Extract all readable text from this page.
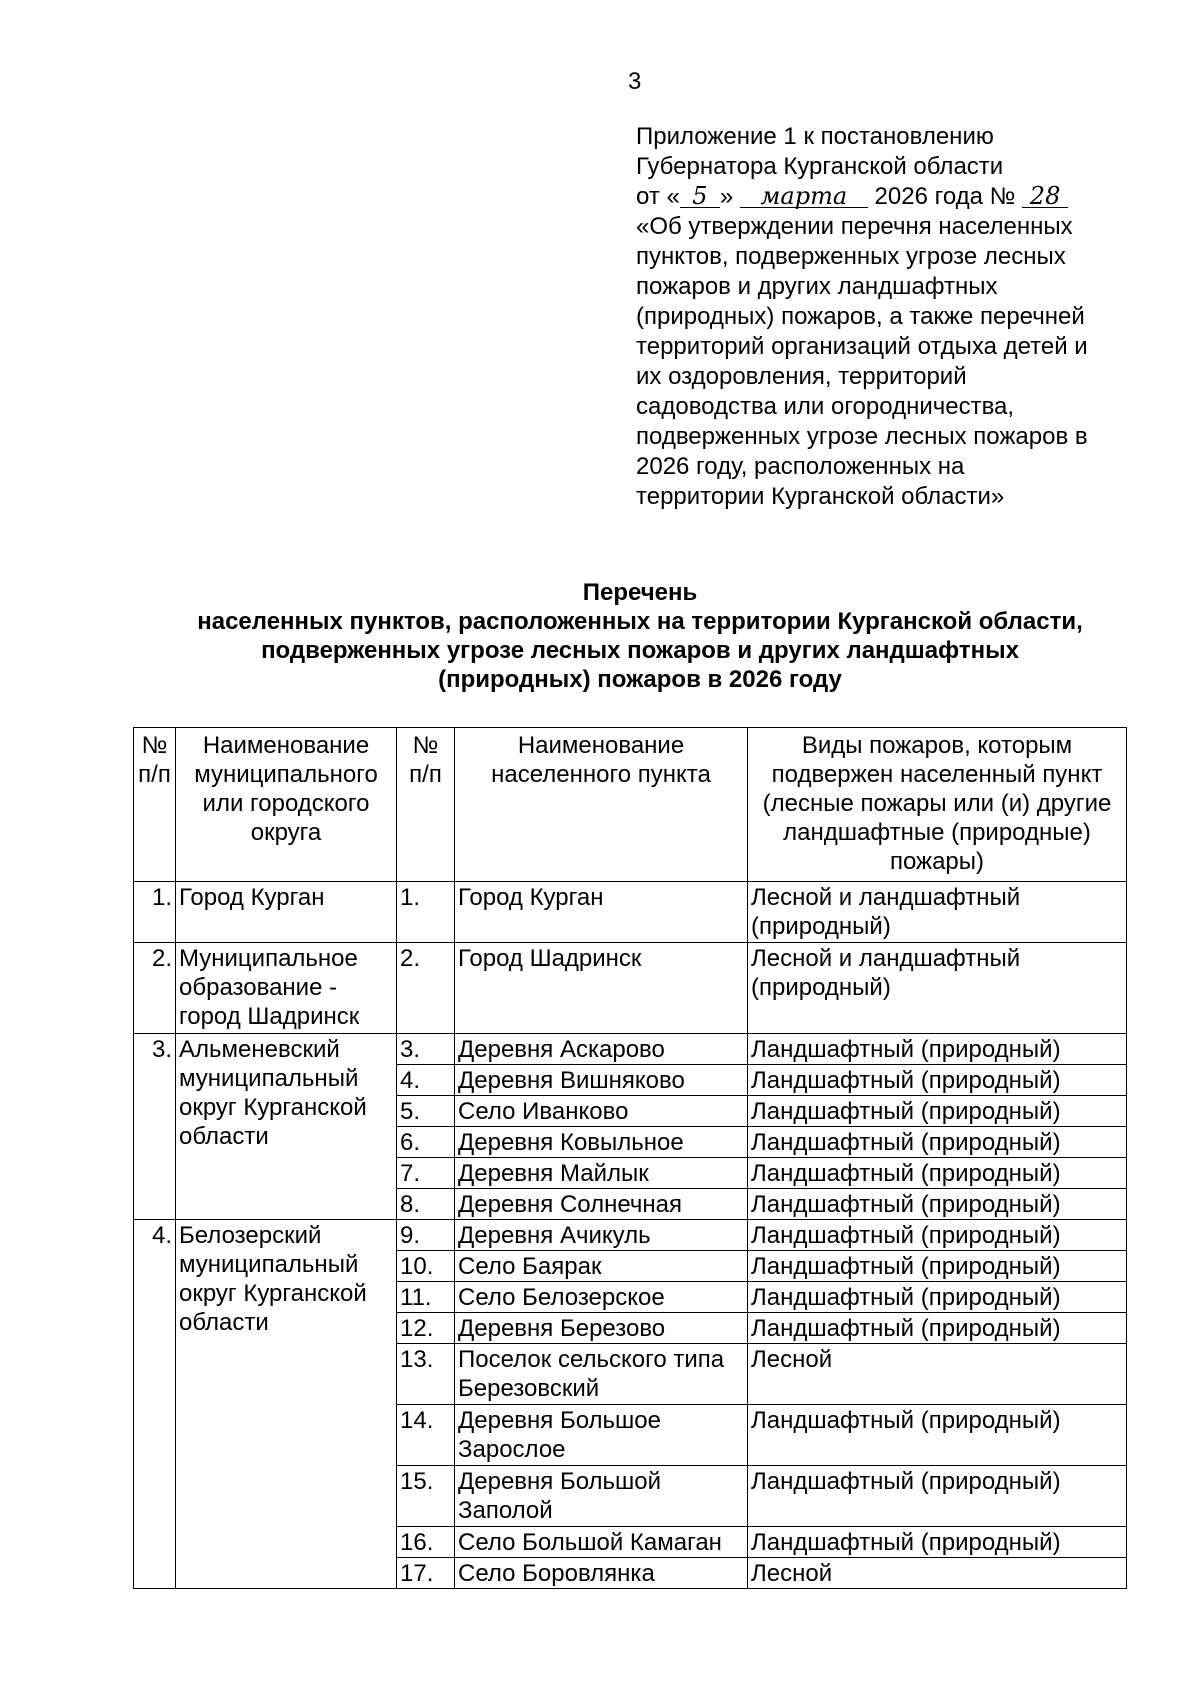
3
Приложение 1 к постановлению
Губернатора Курганской области
от « 5 » марта 2026 года № 28
«Об утверждении перечня населенных
пунктов, подверженных угрозе лесных
пожаров и других ландшафтных
(природных) пожаров, а также перечней
территорий организаций отдыха детей и
их оздоровления, территорий
садоводства или огородничества,
подверженных угрозе лесных пожаров в
2026 году, расположенных на
территории Курганской области»
Перечень
населенных пунктов, расположенных на территории Курганской области,
подверженных угрозе лесных пожаров и других ландшафтных
(природных) пожаров в 2026 году
№ п/п	Наименование муниципального или городского округа	№ п/п	Наименование населенного пункта	Виды пожаров, которым подвержен населенный пункт (лесные пожары или (и) другие ландшафтные (природные) пожары)
1.	Город Курган	1.	Город Курган	Лесной и ландшафтный (природный)
2.	Муниципальное образование - город Шадринск	2.	Город Шадринск	Лесной и ландшафтный (природный)
3.	Альменевский муниципальный округ Курганской области	3.	Деревня Аскарово	Ландшафтный (природный)
		4.	Деревня Вишняково	Ландшафтный (природный)
		5.	Село Иванково	Ландшафтный (природный)
		6.	Деревня Ковыльное	Ландшафтный (природный)
		7.	Деревня Майлык	Ландшафтный (природный)
		8.	Деревня Солнечная	Ландшафтный (природный)
4.	Белозерский муниципальный округ Курганской области	9.	Деревня Ачикуль	Ландшафтный (природный)
		10.	Село Баярак	Ландшафтный (природный)
		11.	Село Белозерское	Ландшафтный (природный)
		12.	Деревня Березово	Ландшафтный (природный)
		13.	Поселок сельского типа Березовский	Лесной
		14.	Деревня Большое Зарослое	Ландшафтный (природный)
		15.	Деревня Большой Заполой	Ландшафтный (природный)
		16.	Село Большой Камаган	Ландшафтный (природный)
		17.	Село Боровлянка	Лесной
